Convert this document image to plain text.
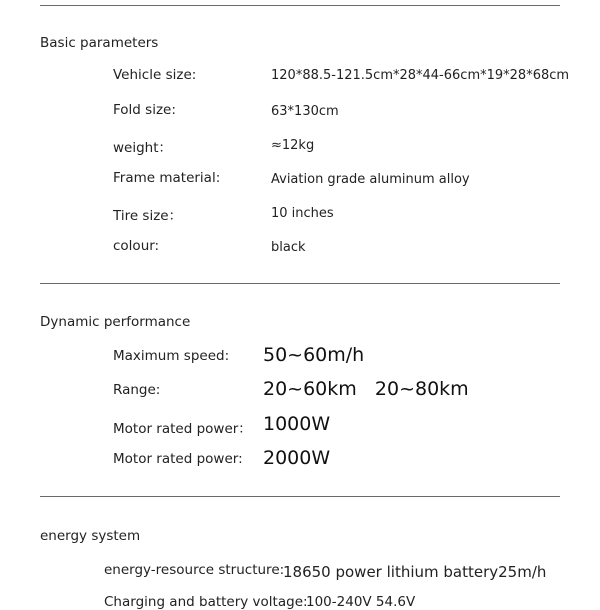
Basic parameters
Vehicle size:	120*88.5-121.5cm*28*44-66cm*19*28*68cm
Fold size:	63*130cm
weight：	≈12kg
Frame material:	Aviation grade aluminum alloy
Tire size：	10 inches
colour:	black
Dynamic performance
Maximum speed: 50~60m/h
Range:	20~60km   20~80km
Motor rated power： 1000W
Motor rated power: 2000W
energy system
energy-resource structure:
18650 power lithium battery25m/h
Charging and battery voltage:
100-240V 54.6V
